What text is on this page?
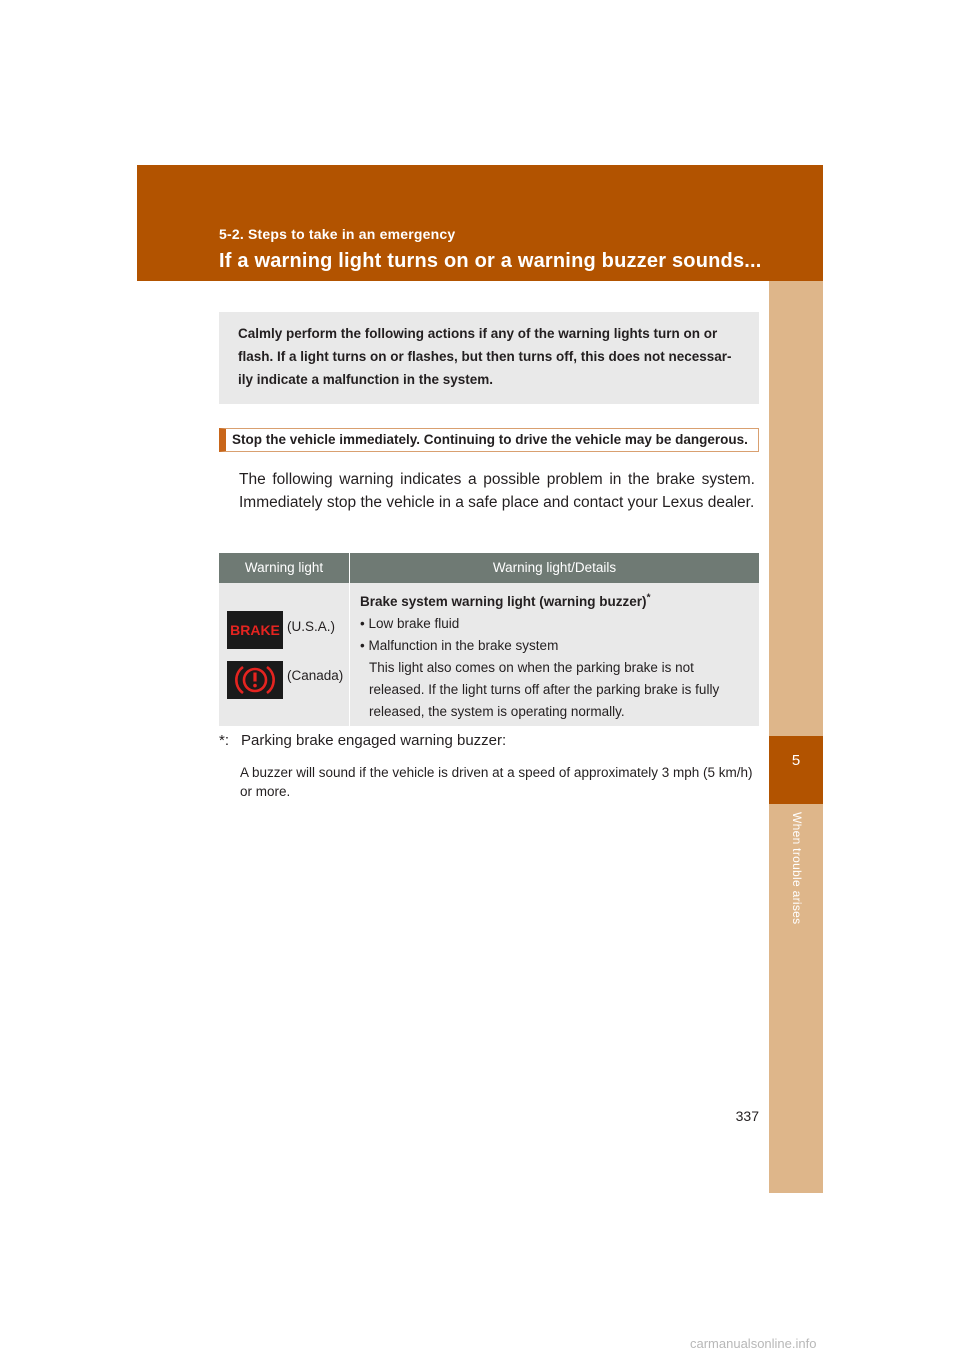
5-2. Steps to take in an emergency
If a warning light turns on or a warning buzzer sounds...
5
When trouble arises
Calmly perform the following actions if any of the warning lights turn on or flash. If a light turns on or flashes, but then turns off, this does not necessar-ily indicate a malfunction in the system.
Stop the vehicle immediately. Continuing to drive the vehicle may be dangerous.
The following warning indicates a possible problem in the brake system. Immediately stop the vehicle in a safe place and contact your Lexus dealer.
Warning light	Warning light/Details
BRAKE (U.S.A.)
(Canada)
Brake system warning light (warning buzzer)*
• Low brake fluid
• Malfunction in the brake system
This light also comes on when the parking brake is not released. If the light turns off after the parking brake is fully released, the system is operating normally.
*: Parking brake engaged warning buzzer:
A buzzer will sound if the vehicle is driven at a speed of approximately 3 mph (5 km/h) or more.
337
carmanualsonline.info
